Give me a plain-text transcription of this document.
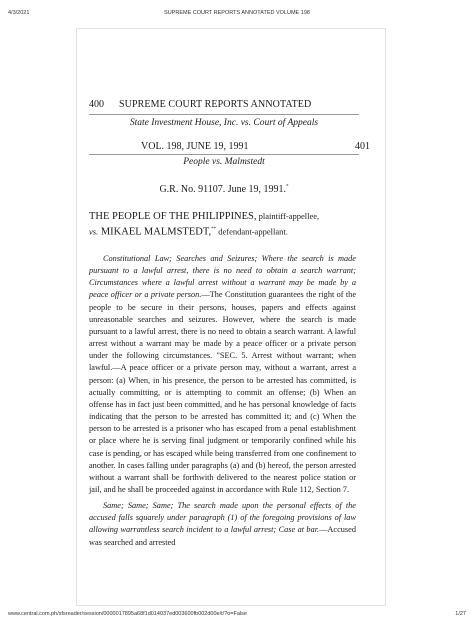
4/3/2021	SUPREME COURT REPORTS ANNOTATED VOLUME 198
400 SUPREME COURT REPORTS ANNOTATED
State Investment House, Inc. vs. Court of Appeals
VOL. 198, JUNE 19, 1991	401
People vs. Malmstedt
G.R. No. 91107. June 19, 1991.*
THE PEOPLE OF THE PHILIPPINES, plaintiff-appellee,
vs. MIKAEL MALMSTEDT,** defendant-appellant.

Constitutional Law; Searches and Seizures; Where the search is made pursuant to a lawful arrest, there is no need to obtain a search warrant; Circumstances where a lawful arrest without a warrant may be made by a peace officer or a private person.—The Constitution guarantees the right of the people to be secure in their persons, houses, papers and effects against unreasonable searches and seizures. However, where the search is made pursuant to a lawful arrest, there is no need to obtain a search warrant. A lawful arrest without a warrant may be made by a peace officer or a private person under the following circumstances. "SEC. 5. Arrest without warrant; when lawful.—A peace officer or a private person may, without a warrant, arrest a person: (a) When, in his presence, the person to be arrested has committed, is actually committing, or is attempting to commit an offense; (b) When an offense has in fact just been committed, and he has personal knowledge of facts indicating that the person to be arrested has committed it; and (c) When the person to be arrested is a prisoner who has escaped from a penal establishment or place where he is serving final judgment or temporarily confined while his case is pending, or has escaped while being transferred from one confinement to another. In cases falling under paragraphs (a) and (b) hereof, the person arrested without a warrant shall be forthwith delivered to the nearest police station or jail, and he shall be proceeded against in accordance with Rule 112, Section 7.

Same; Same; Same; The search made upon the personal effects of the accused falls squarely under paragraph (1) of the foregoing provisions of law allowing warrantless search incident to a lawful arrest; Case at bar.—Accused was searched and arrested

www.central.com.ph/sfsreader/session/0000017895a68f1d014037ed003600fb002d00e/t/?o=False	1/27
